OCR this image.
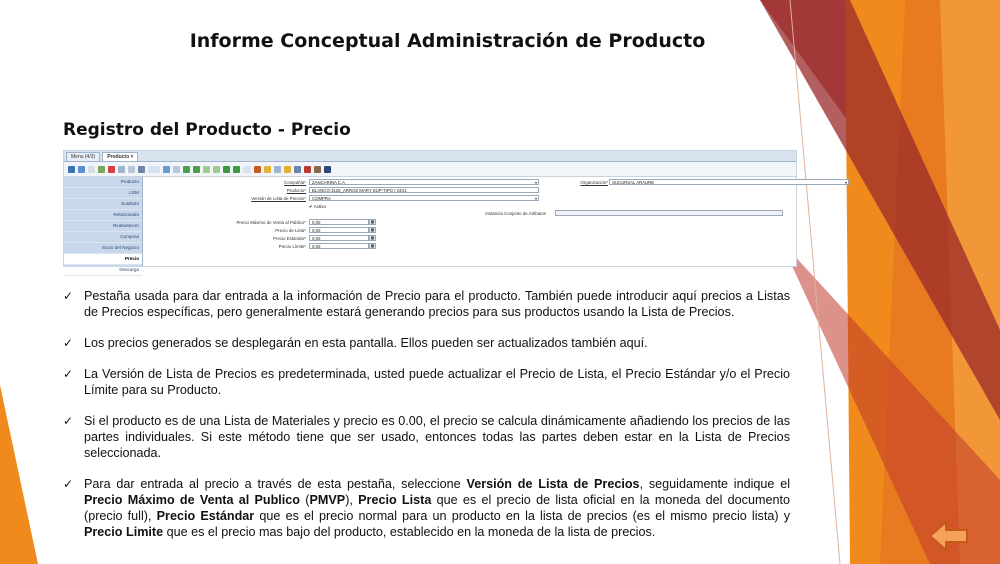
Informe Conceptual Administración de Producto
Registro del Producto - Precio
Menu (4/3)	Producto ×
Producto
LDM
Sustituto
Relacionado
Reabastecer
Compras
Socio del Negocio
Precio
Descarga
Compañía*	ZANCARINA C.A	▾	Organización* SUCURSAL ARAURE	▾
Producto*	BLANCO-3126_ARROZ MARY SUP-TIPO I 24X1
Versión de Lista de Precios*	COMPRA	▾
✔ Activo
Instancia Conjunto de Atributos
Precio Máximo de Venta al Público*	0,00	▦
Precio de Lista*	0,00	▦
Precio Estándar*	0,00	▦
Precio Límite*	0,00	▦
✓ Pestaña usada para dar entrada a la información de Precio para el producto. También puede introducir aquí precios a Listas de Precios específicas, pero generalmente estará generando precios para sus productos usando la Lista de Precios.
✓ Los precios generados se desplegarán en esta pantalla. Ellos pueden ser actualizados también aquí.
✓ La Versión de Lista de Precios es predeterminada, usted puede actualizar el Precio de Lista, el Precio Estándar y/o el Precio Límite para su Producto.
✓ Si el producto es de una Lista de Materiales y precio es 0.00, el precio se calcula dinámicamente añadiendo los precios de las partes individuales. Si este método tiene que ser usado, entonces todas las partes deben estar en la Lista de Precios seleccionada.
✓ Para dar entrada al precio a través de esta pestaña, seleccione Versión de Lista de Precios, seguidamente indique el Precio Máximo de Venta al Publico (PMVP), Precio Lista que es el precio de lista oficial en la moneda del documento (precio full), Precio Estándar que es el precio normal para un producto en la lista de precios (es el mismo precio lista) y Precio Limite que es el precio mas bajo del producto, establecido en la moneda de la lista de precios.
